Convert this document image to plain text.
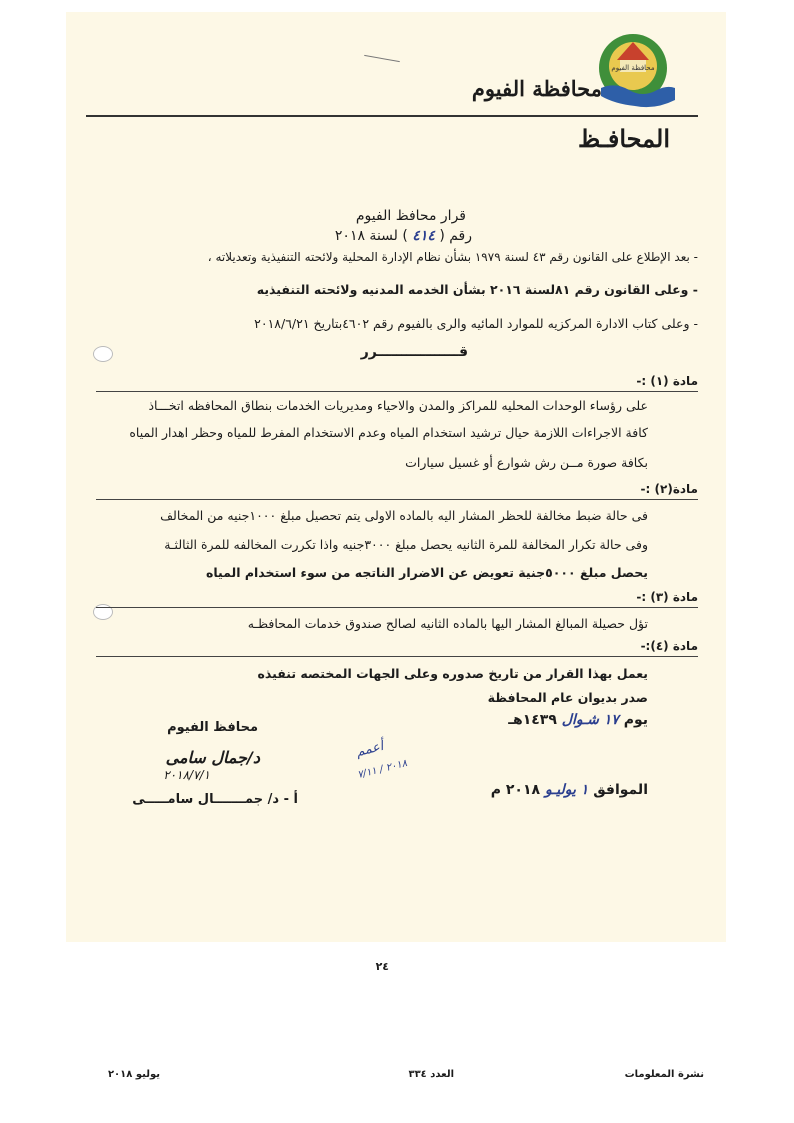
محافظة الفيوم
محافظة الفيوم
المحافـظ
قرار محافظ الفيوم
رقم ( ٤١٤ ) لسنة ٢٠١٨
- بعد الإطلاع على القانون رقم ٤٣ لسنة ١٩٧٩ بشأن نظام الإدارة المحلية ولائحته التنفيذية وتعديلاته ،
- وعلى القانون رقم ٨١لسنة ٢٠١٦ بشأن الخدمه المدنيه ولائحته التنفيذيه
- وعلى كتاب الادارة المركزيه للموارد المائيه والرى بالفيوم رقم ٤٦٠٢بتاريخ ٢٠١٨/٦/٢١
قـــــــــــــــــرر
مادة (١) :-
على رؤساء الوحدات المحليه للمراكز والمدن والاحياء ومديريات الخدمات بنطاق المحافظه اتخـــاذ
كافة الاجراءات اللازمة حيال ترشيد استخدام المياه وعدم الاستخدام المفرط للمياه وحظر اهدار المياه
بكافة صورة مــن رش شوارع أو غسيل سيارات
مادة(٢) :-
فى حالة ضبط مخالفة للحظر المشار اليه بالماده الاولى يتم تحصيل مبلغ ١٠٠٠جنيه من المخالف
وفى حالة تكرار المخالفة للمرة الثانيه يحصل مبلغ ٣٠٠٠جنيه واذا تكررت المخالفه للمرة الثالثـة
يحصل مبلغ ٥٠٠٠جنية تعويض عن الاضرار الناتجه من سوء استخدام المياه
مادة (٣) :-
تؤل حصيلة المبالغ المشار اليها بالماده الثانيه لصالح صندوق خدمات المحافظـه
مادة (٤):-
يعمل بهذا القرار من تاريخ صدوره وعلى الجهات المختصه تنفيذه
صدر بديوان عام المحافظة
يوم ١٧ شـوال ١٤٣٩هـ
الموافق ١ يوليـو ٢٠١٨ م
محافظ الفيوم
د/جمال سامى
٢٠١٨/٧/١
أ - د/ جمـــــــال سامـــــى
أعمم
٢٠١٨ / ٧/١١
٢٤
نشرة المعلومات
العدد ٣٣٤
يوليو ٢٠١٨
